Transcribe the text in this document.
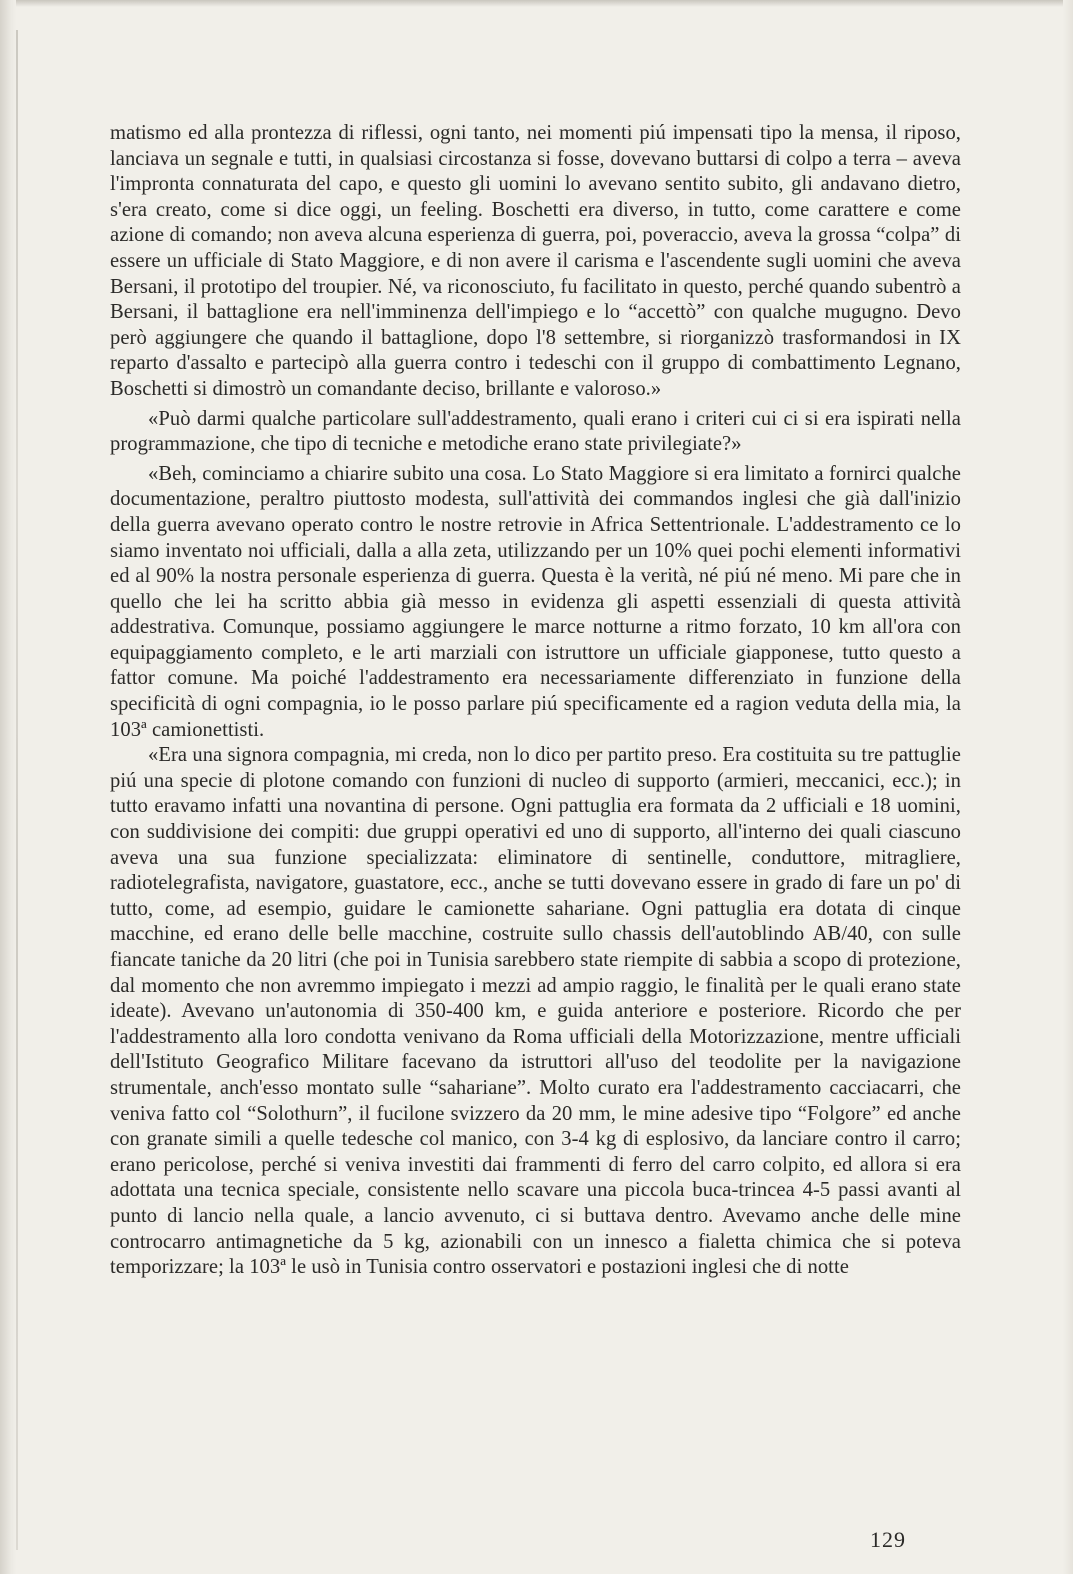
matismo ed alla prontezza di riflessi, ogni tanto, nei momenti piú impensati tipo la mensa, il riposo, lanciava un segnale e tutti, in qualsiasi circostanza si fosse, dovevano buttarsi di colpo a terra – aveva l'impronta connaturata del capo, e questo gli uomini lo avevano sentito subito, gli andavano dietro, s'era creato, come si dice oggi, un feeling. Boschetti era diverso, in tutto, come carattere e come azione di comando; non aveva alcuna esperienza di guerra, poi, poveraccio, aveva la grossa “colpa” di essere un ufficiale di Stato Maggiore, e di non avere il carisma e l'ascendente sugli uomini che aveva Bersani, il prototipo del troupier. Né, va riconosciuto, fu facilitato in questo, perché quando subentrò a Bersani, il battaglione era nell'imminenza dell'impiego e lo “accettò” con qualche mugugno. Devo però aggiungere che quando il battaglione, dopo l'8 settembre, si riorganizzò trasformandosi in IX reparto d'assalto e partecipò alla guerra contro i tedeschi con il gruppo di combattimento Legnano, Boschetti si dimostrò un comandante deciso, brillante e valoroso.»

«Può darmi qualche particolare sull'addestramento, quali erano i criteri cui ci si era ispirati nella programmazione, che tipo di tecniche e metodiche erano state privilegiate?»

«Beh, cominciamo a chiarire subito una cosa. Lo Stato Maggiore si era limitato a fornirci qualche documentazione, peraltro piuttosto modesta, sull'attività dei commandos inglesi che già dall'inizio della guerra avevano operato contro le nostre retrovie in Africa Settentrionale. L'addestramento ce lo siamo inventato noi ufficiali, dalla a alla zeta, utilizzando per un 10% quei pochi elementi informativi ed al 90% la nostra personale esperienza di guerra. Questa è la verità, né piú né meno. Mi pare che in quello che lei ha scritto abbia già messo in evidenza gli aspetti essenziali di questa attività addestrativa. Comunque, possiamo aggiungere le marce notturne a ritmo forzato, 10 km all'ora con equipaggiamento completo, e le arti marziali con istruttore un ufficiale giapponese, tutto questo a fattor comune. Ma poiché l'addestramento era necessariamente differenziato in funzione della specificità di ogni compagnia, io le posso parlare piú specificamente ed a ragion veduta della mia, la 103ª camionettisti.

«Era una signora compagnia, mi creda, non lo dico per partito preso. Era costituita su tre pattuglie piú una specie di plotone comando con funzioni di nucleo di supporto (armieri, meccanici, ecc.); in tutto eravamo infatti una novantina di persone. Ogni pattuglia era formata da 2 ufficiali e 18 uomini, con suddivisione dei compiti: due gruppi operativi ed uno di supporto, all'interno dei quali ciascuno aveva una sua funzione specializzata: eliminatore di sentinelle, conduttore, mitragliere, radiotelegrafista, navigatore, guastatore, ecc., anche se tutti dovevano essere in grado di fare un po' di tutto, come, ad esempio, guidare le camionette sahariane. Ogni pattuglia era dotata di cinque macchine, ed erano delle belle macchine, costruite sullo chassis dell'autoblindo AB/40, con sulle fiancate taniche da 20 litri (che poi in Tunisia sarebbero state riempite di sabbia a scopo di protezione, dal momento che non avremmo impiegato i mezzi ad ampio raggio, le finalità per le quali erano state ideate). Avevano un'autonomia di 350-400 km, e guida anteriore e posteriore. Ricordo che per l'addestramento alla loro condotta venivano da Roma ufficiali della Motorizzazione, mentre ufficiali dell'Istituto Geografico Militare facevano da istruttori all'uso del teodolite per la navigazione strumentale, anch'esso montato sulle “sahariane”. Molto curato era l'addestramento cacciacarri, che veniva fatto col “Solothurn”, il fucilone svizzero da 20 mm, le mine adesive tipo “Folgore” ed anche con granate simili a quelle tedesche col manico, con 3-4 kg di esplosivo, da lanciare contro il carro; erano pericolose, perché si veniva investiti dai frammenti di ferro del carro colpito, ed allora si era adottata una tecnica speciale, consistente nello scavare una piccola buca-trincea 4-5 passi avanti al punto di lancio nella quale, a lancio avvenuto, ci si buttava dentro. Avevamo anche delle mine controcarro antimagnetiche da 5 kg, azionabili con un innesco a fialetta chimica che si poteva temporizzare; la 103ª le usò in Tunisia contro osservatori e postazioni inglesi che di notte

129
